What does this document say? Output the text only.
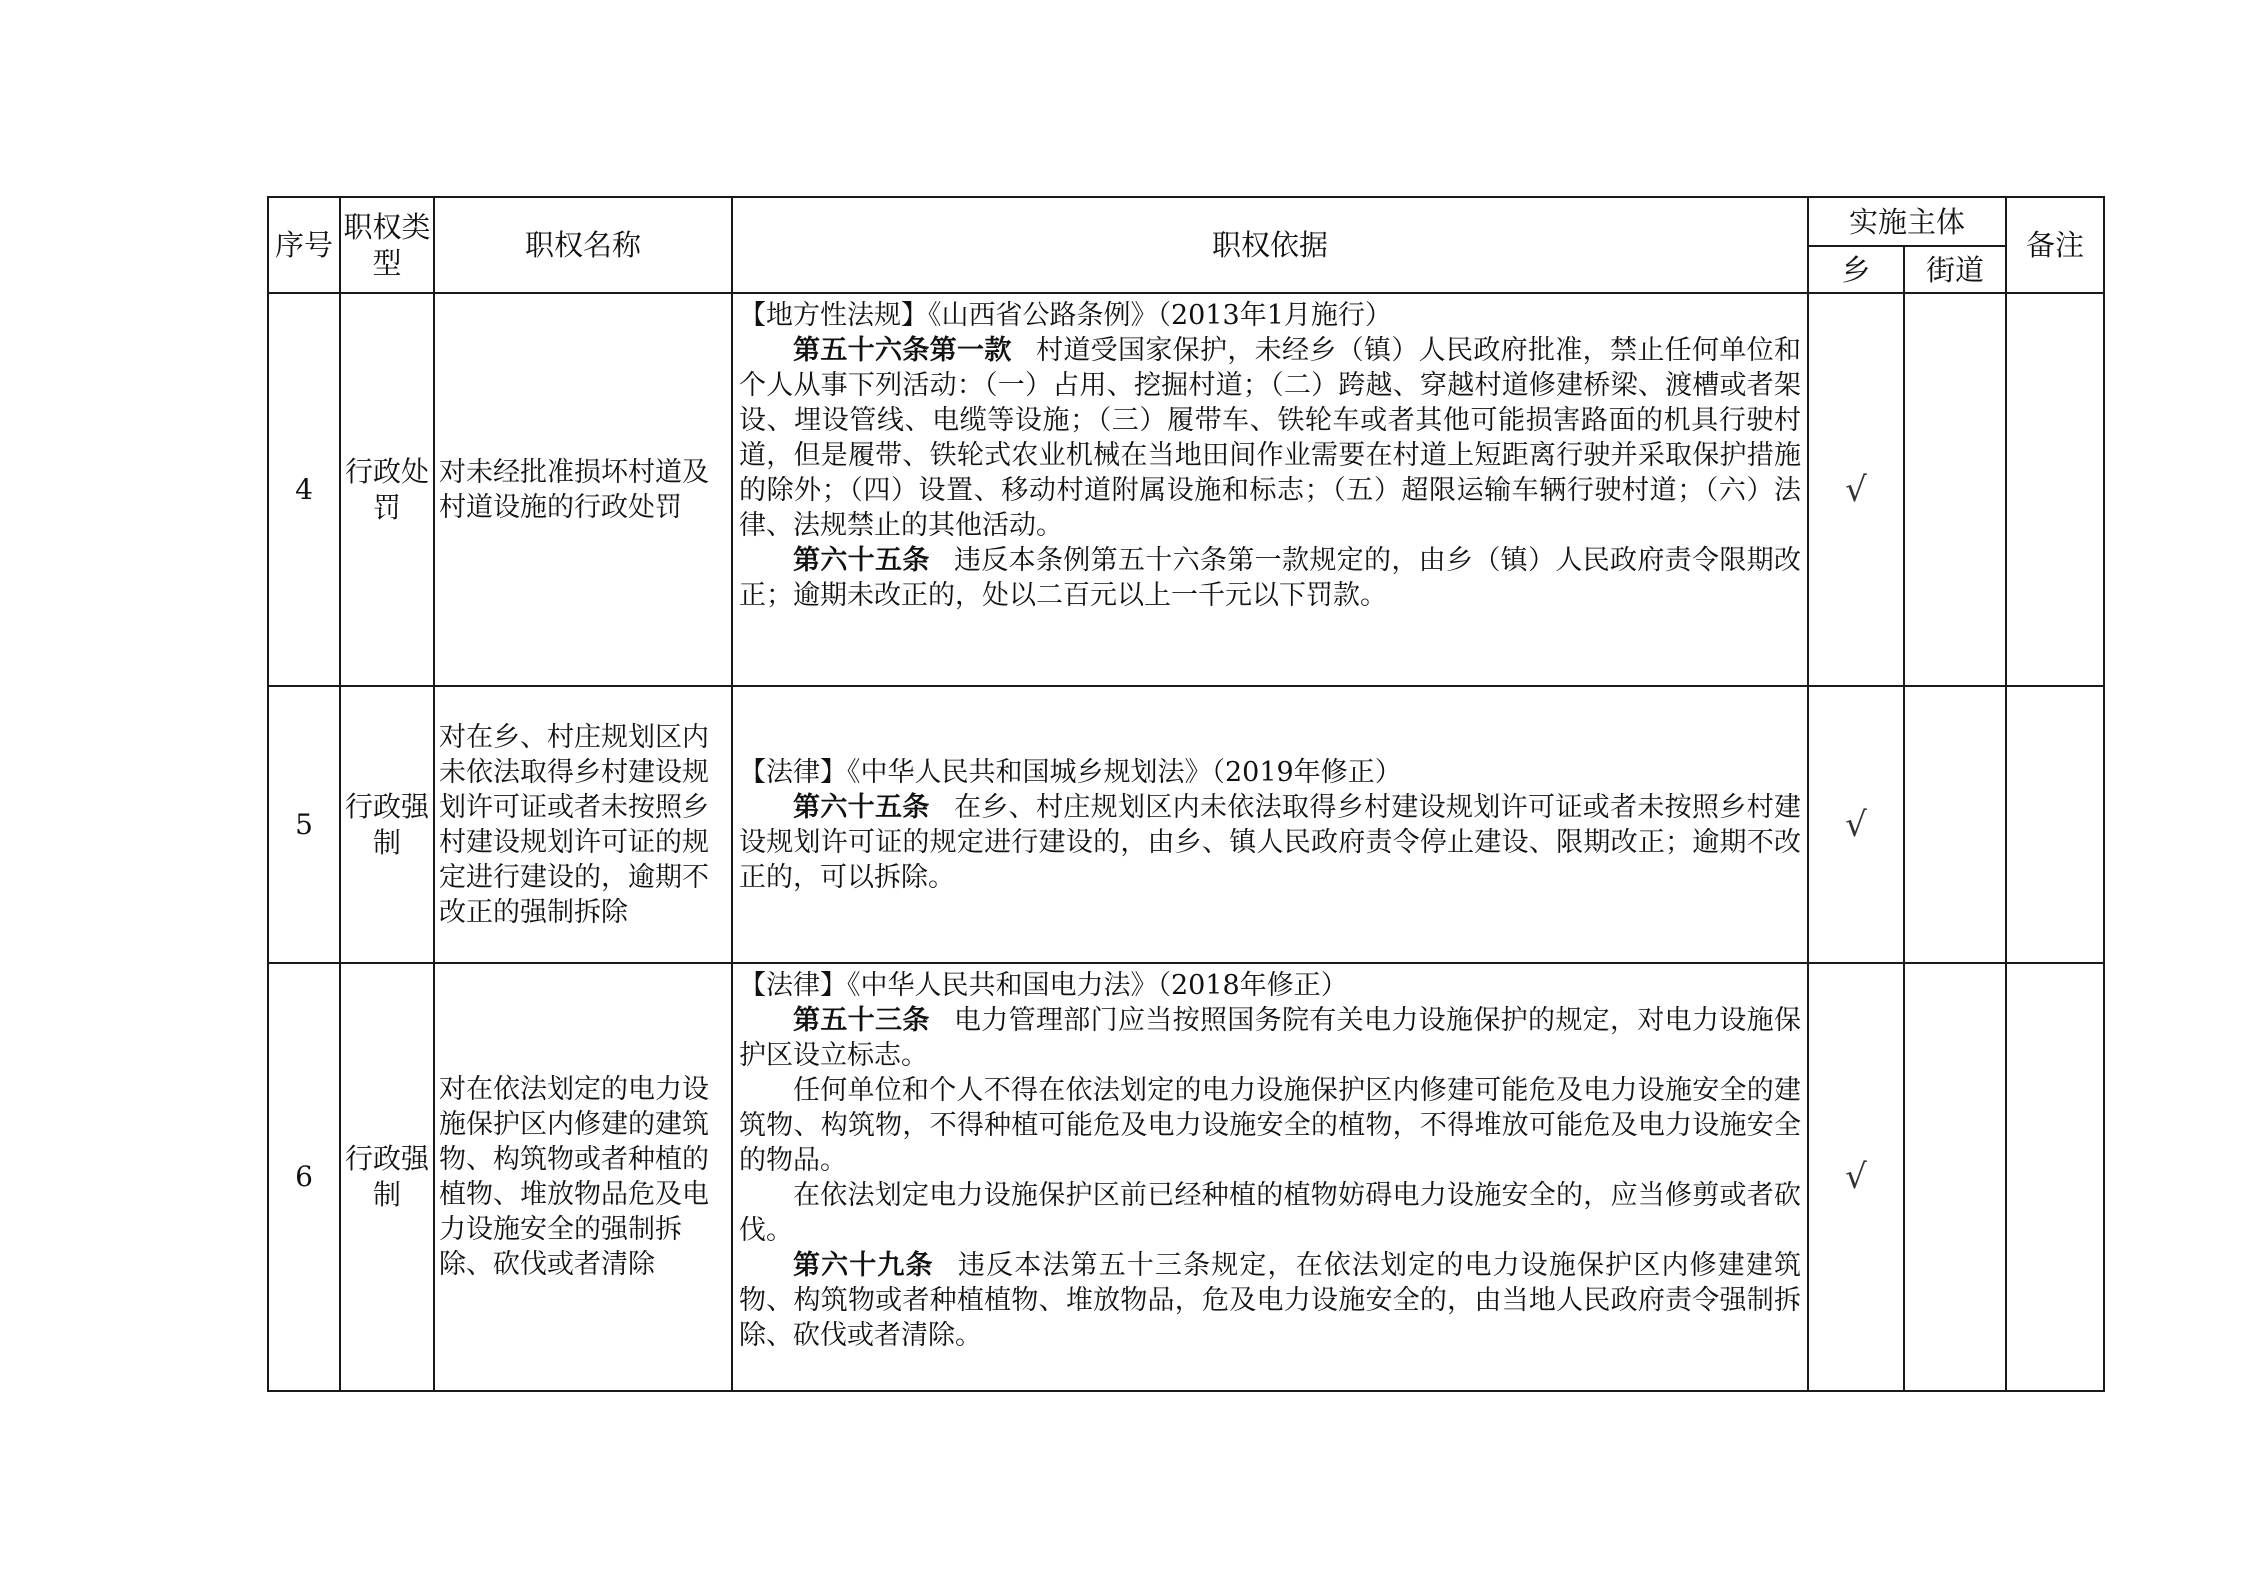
序号	职权类型	职权名称	职权依据	实施主体		备注
				乡	街道	
4	行政处罚	对未经批准损坏村道及村道设施的行政处罚	【地方性法规】《山西省公路条例》（2013年1月施行）

第五十六条第一款 村道受国家保护，未经乡（镇）人民政府批准，禁止任何单位和个人从事下列活动：（一）占用、挖掘村道；（二）跨越、穿越村道修建桥梁、渡槽或者架设、埋设管线、电缆等设施；（三）履带车、铁轮车或者其他可能损害路面的机具行驶村道，但是履带、铁轮式农业机械在当地田间作业需要在村道上短距离行驶并采取保护措施的除外；（四）设置、移动村道附属设施和标志；（五）超限运输车辆行驶村道；（六）法律、法规禁止的其他活动。

第六十五条 违反本条例第五十六条第一款规定的，由乡（镇）人民政府责令限期改正；逾期未改正的，处以二百元以上一千元以下罚款。	√		
5	行政强制	对在乡、村庄规划区内未依法取得乡村建设规划许可证或者未按照乡村建设规划许可证的规定进行建设的，逾期不改正的强制拆除	【法律】《中华人民共和国城乡规划法》（2019年修正）

第六十五条 在乡、村庄规划区内未依法取得乡村建设规划许可证或者未按照乡村建设规划许可证的规定进行建设的，由乡、镇人民政府责令停止建设、限期改正；逾期不改正的，可以拆除。	√		
6	行政强制	对在依法划定的电力设施保护区内修建的建筑物、构筑物或者种植的植物、堆放物品危及电力设施安全的强制拆除、砍伐或者清除	【法律】《中华人民共和国电力法》（2018年修正）

第五十三条 电力管理部门应当按照国务院有关电力设施保护的规定，对电力设施保护区设立标志。

任何单位和个人不得在依法划定的电力设施保护区内修建可能危及电力设施安全的建筑物、构筑物，不得种植可能危及电力设施安全的植物，不得堆放可能危及电力设施安全的物品。

在依法划定电力设施保护区前已经种植的植物妨碍电力设施安全的，应当修剪或者砍伐。

第六十九条 违反本法第五十三条规定，在依法划定的电力设施保护区内修建建筑物、构筑物或者种植植物、堆放物品，危及电力设施安全的，由当地人民政府责令强制拆除、砍伐或者清除。	√		
